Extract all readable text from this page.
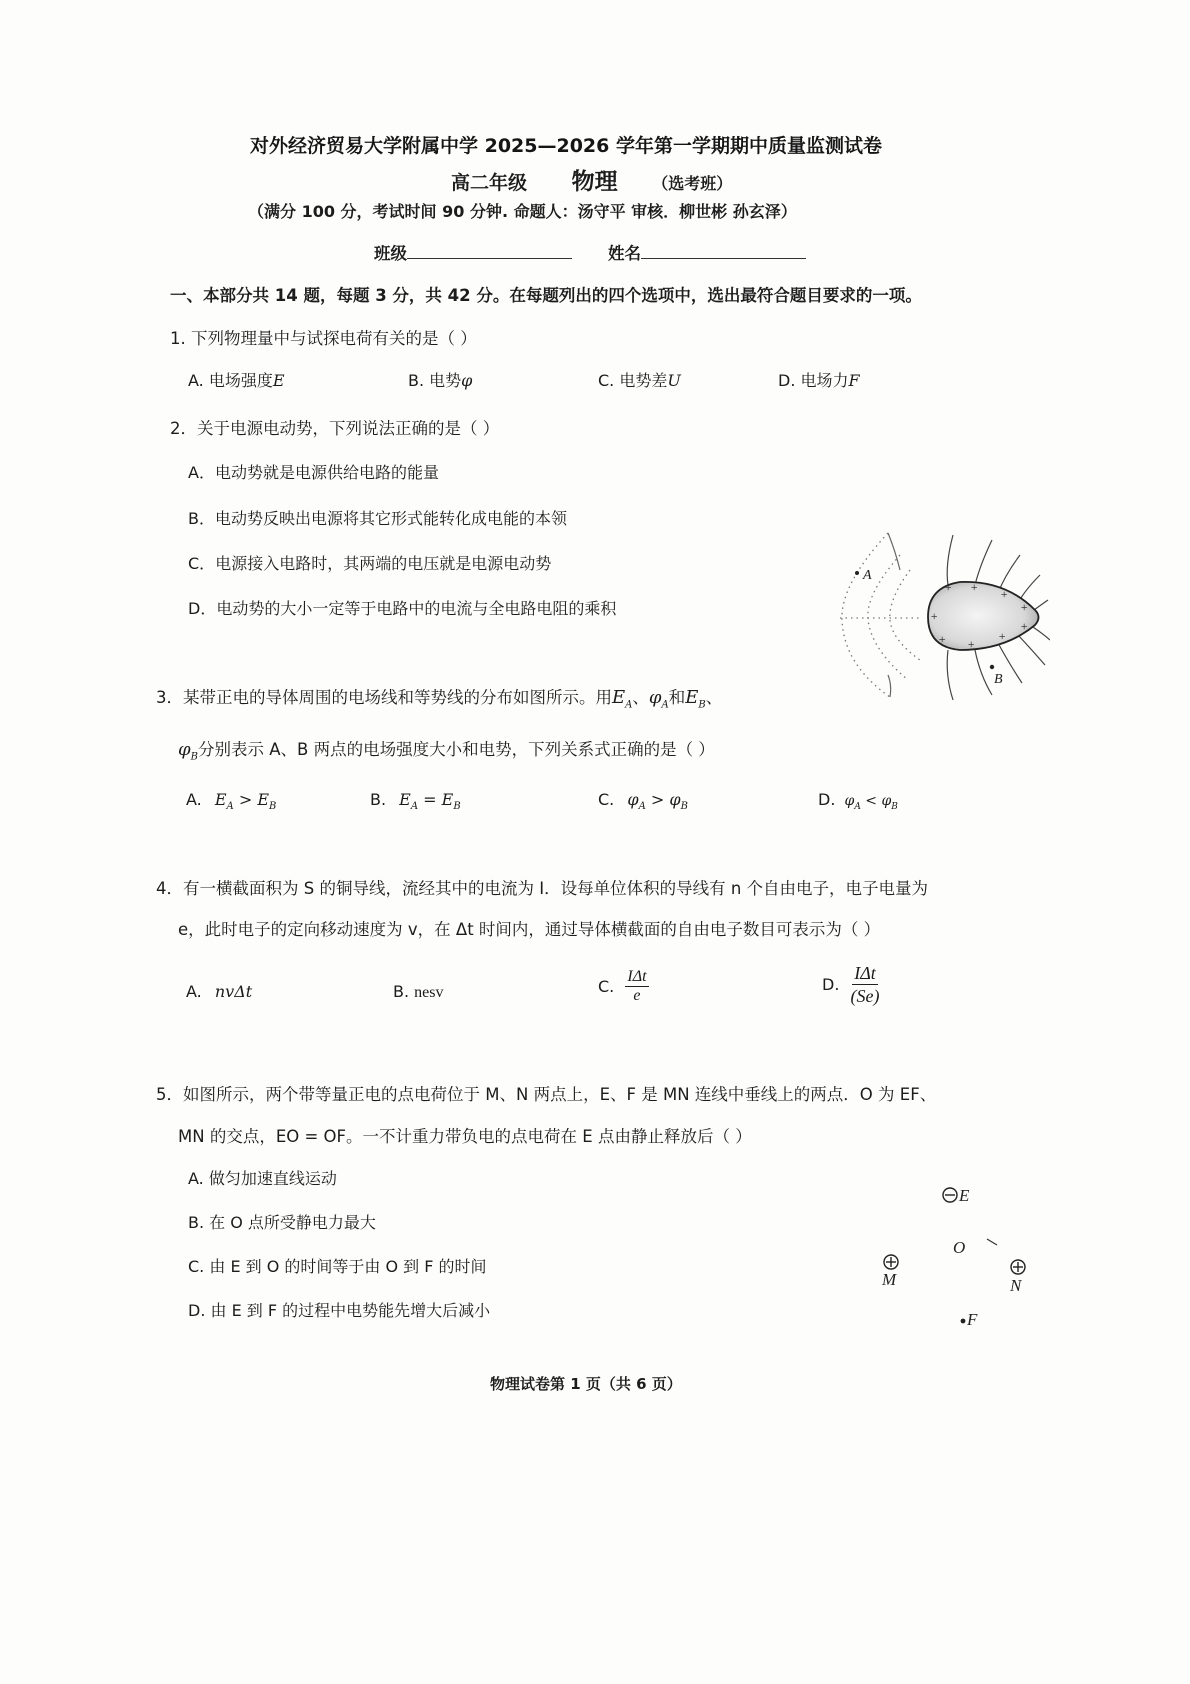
对外经济贸易大学附属中学 2025—2026 学年第一学期期中质量监测试卷
高二年级 物理 （选考班）
（满分 100 分，考试时间 90 分钟. 命题人：汤守平 审核．柳世彬 孙玄泽）
班级	姓名
一、本部分共 14 题，每题 3 分，共 42 分。在每题列出的四个选项中，选出最符合题目要求的一项。
1. 下列物理量中与试探电荷有关的是（ ）
A. 电场强度E	B. 电势φ	C. 电势差U	D. 电场力F
2．关于电源电动势，下列说法正确的是（ ）
A．电动势就是电源供给电路的能量
B．电动势反映出电源将其它形式能转化成电能的本领
C．电源接入电路时，其两端的电压就是电源电动势
D．电动势的大小一定等于电路中的电流与全电路电阻的乘积
+ + +
+
+
+ +
+
+
A
B
3．某带正电的导体周围的电场线和等势线的分布如图所示。用$E_A$、$\varphi_A$和$E_B$、
$\varphi_B$分别表示 A、B 两点的电场强度大小和电势，下列关系式正确的是（ ）
A. $E_A > E_B$	B. $E_A = E_B$	C. $\varphi_A > \varphi_B$	D. $\varphi_A < \varphi_B$
4．有一横截面积为 S 的铜导线，流经其中的电流为 I．设每单位体积的导线有 n 个自由电子，电子电量为
e，此时电子的定向移动速度为 v，在 Δt 时间内，通过导体横截面的自由电子数目可表示为（ ）
A. nvΔt	B. nesv	C. $\frac{\text{IΔt}}{e}$	D. $\frac{\text{IΔt}}{(Se)}$
5．如图所示，两个带等量正电的点电荷位于 M、N 两点上，E、F 是 MN 连线中垂线上的两点．O 为 EF、
MN 的交点，EO = OF。一不计重力带负电的点电荷在 E 点由静止释放后（ ）
A. 做匀加速直线运动
B. 在 O 点所受静电力最大
C. 由 E 到 O 的时间等于由 O 到 F 的时间
D. 由 E 到 F 的过程中电势能先增大后减小
E
O
M	N
F
物理试卷第 1 页（共 6 页）
